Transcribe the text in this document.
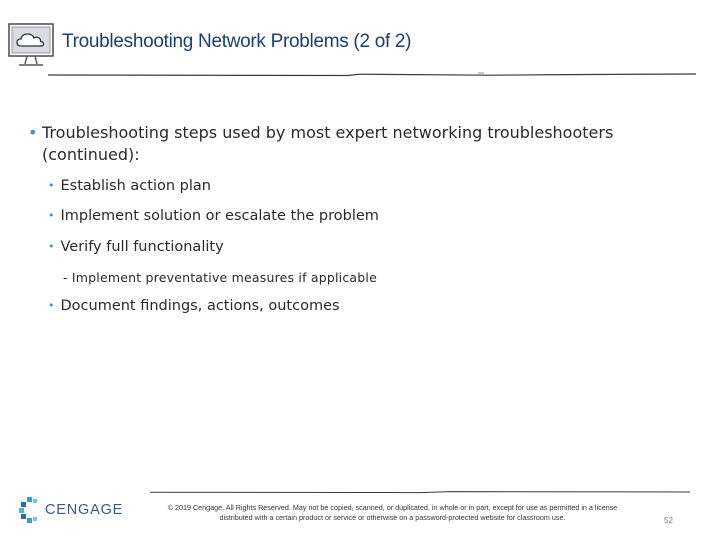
Troubleshooting Network Problems (2 of 2)
• Troubleshooting steps used by most expert networking troubleshooters (continued):
• Establish action plan
• Implement solution or escalate the problem
• Verify full functionality
- Implement preventative measures if applicable
• Document findings, actions, outcomes
CENGAGE	© 2019 Cengage. All Rights Reserved. May not be copied, scanned, or duplicated, in whole or in part, except for use as permitted in a license
distributed with a certain product or service or otherwise on a password-protected website for classroom use.	52
